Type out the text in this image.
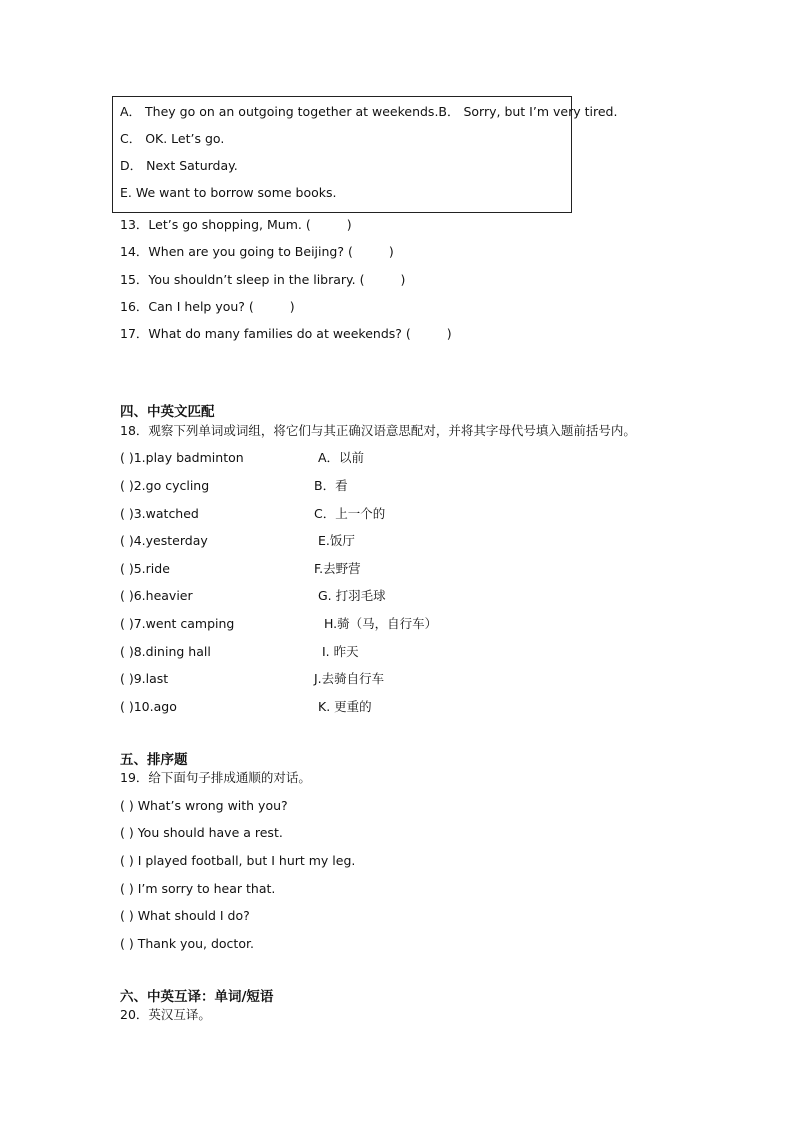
A． They go on an outgoing together at weekends.B． Sorry, but I’m very tired.
C． OK. Let’s go.
D． Next Saturday.
E. We want to borrow some books.
13．Let’s go shopping, Mum. (	)
14．When are you going to Beijing? (	)
15．You shouldn’t sleep in the library. (	)
16．Can I help you? (	)
17．What do many families do at weekends? (	)
四、中英文匹配
18．观察下列单词或词组，将它们与其正确汉语意思配对，并将其字母代号填入题前括号内。
( )1.play badminton	A．以前
( )2.go cycling	B．看
( )3.watched	C．上一个的
( )4.yesterday	E.饭厅
( )5.ride	F.去野营
( )6.heavier	G. 打羽毛球
( )7.went camping	H.骑（马，自行车）
( )8.dining hall	I. 昨天
( )9.last	J.去骑自行车
( )10.ago	K. 更重的
五、排序题
19．给下面句子排成通顺的对话。
( ) What’s wrong with you?
( ) You should have a rest.
( ) I played football, but I hurt my leg.
( ) I’m sorry to hear that.
( ) What should I do?
( ) Thank you, doctor.
六、中英互译：单词/短语
20．英汉互译。
